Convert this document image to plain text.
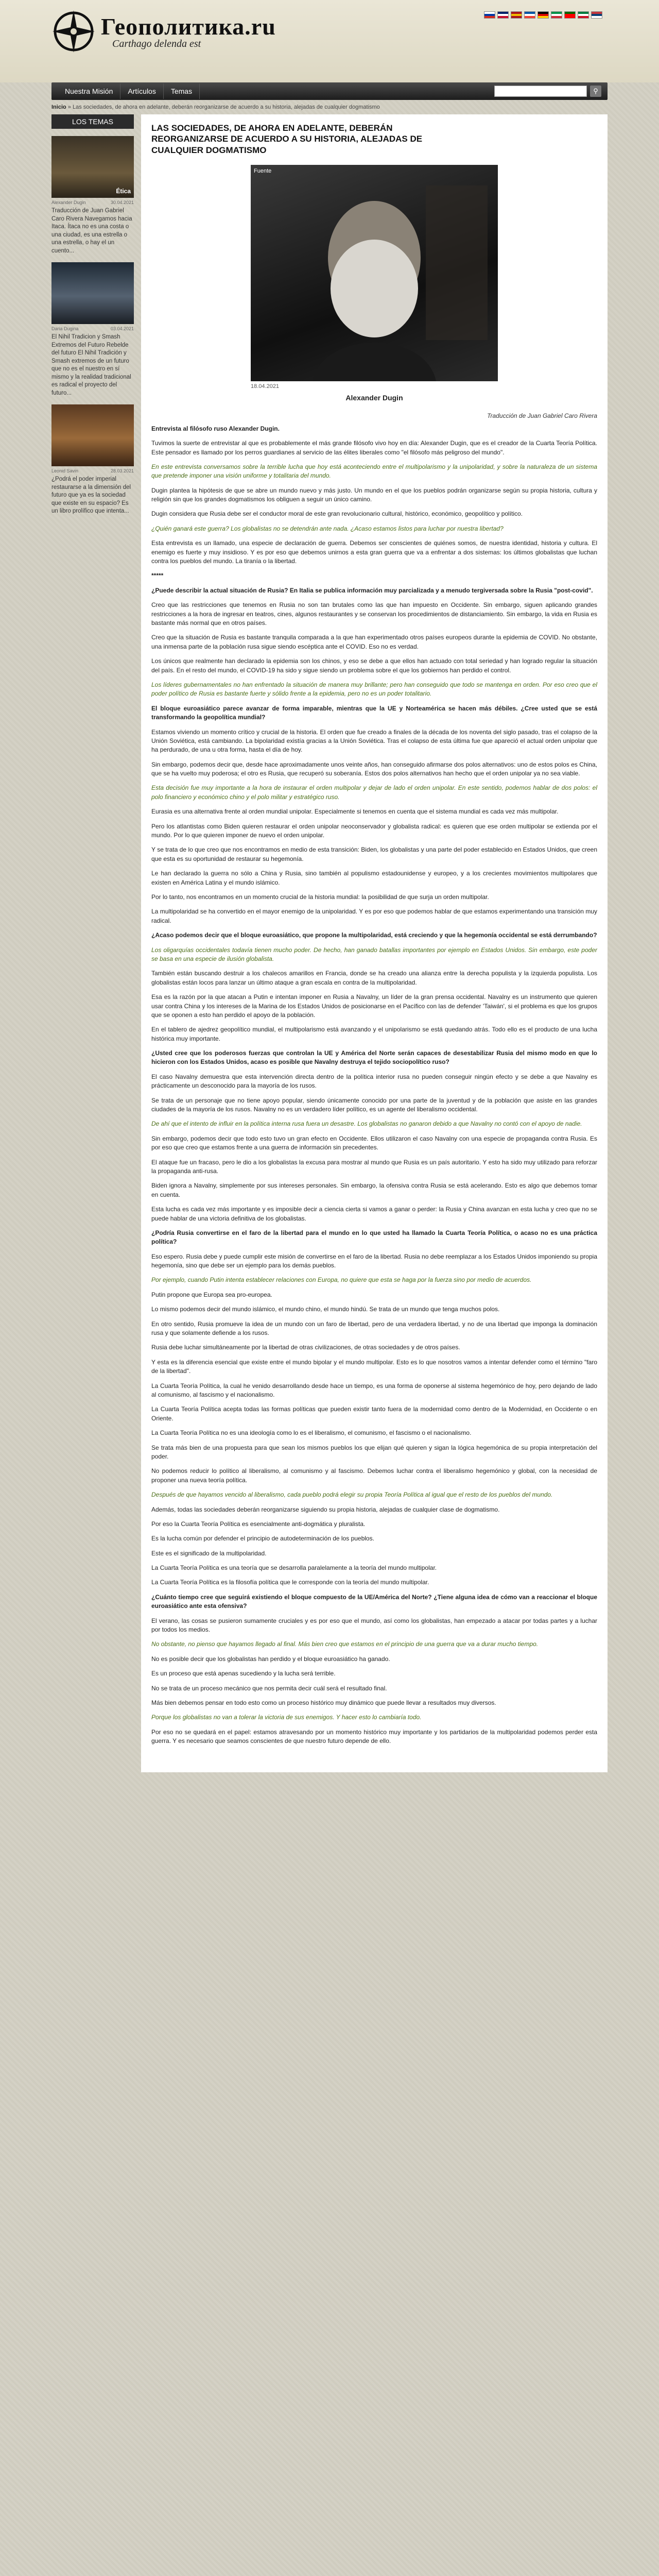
Геополитика.ru
Carthago delenda est
Nuestra Misión	Artículos	Temas	⚲
Inicio » Las sociedades, de ahora en adelante, deberán reorganizarse de acuerdo a su historia, alejadas de cualquier dogmatismo
LOS TEMAS
Ética
Alexander Dugin	30.04.2021

Traducción de Juan Gabriel Caro Rivera Navegamos hacia Itaca. Ítaca no es una costa o una ciudad, es una estrella o una estrella, o hay el un cuento...

Daria Dugina	03.04.2021

El Nihil Tradicion y Smash Extremos del Futuro Rebelde del futuro El Nihil Tradición y Smash extremos de un futuro que no es el nuestro en sí mismo y la realidad tradicional es radical el proyecto del futuro...

Leonid Savin	28.03.2021

¿Podrá el poder imperial restaurarse a la dimensión del futuro que ya es la sociedad que existe en su espacio? Es un libro prolífico que intenta...

LAS SOCIEDADES, DE AHORA EN ADELANTE, DEBERÁN REORGANIZARSE DE ACUERDO A SU HISTORIA, ALEJADAS DE CUALQUIER DOGMATISMO
Fuente
18.04.2021
Alexander Dugin
Traducción de Juan Gabriel Caro Rivera

Entrevista al filósofo ruso Alexander Dugin.

Tuvimos la suerte de entrevistar al que es probablemente el más grande filósofo vivo hoy en día: Alexander Dugin, que es el creador de la Cuarta Teoría Política. Este pensador es llamado por los perros guardianes al servicio de las élites liberales como "el filósofo más peligroso del mundo".

En este entrevista conversamos sobre la terrible lucha que hoy está aconteciendo entre el multipolarismo y la unipolaridad, y sobre la naturaleza de un sistema que pretende imponer una visión uniforme y totalitaria del mundo.

Dugin plantea la hipótesis de que se abre un mundo nuevo y más justo. Un mundo en el que los pueblos podrán organizarse según su propia historia, cultura y religión sin que los grandes dogmatismos los obliguen a seguir un único camino.

Dugin considera que Rusia debe ser el conductor moral de este gran revolucionario cultural, histórico, económico, geopolítico y político.

¿Quién ganará este guerra? Los globalistas no se detendrán ante nada. ¿Acaso estamos listos para luchar por nuestra libertad?

Esta entrevista es un llamado, una especie de declaración de guerra. Debemos ser conscientes de quiénes somos, de nuestra identidad, historia y cultura. El enemigo es fuerte y muy insidioso. Y es por eso que debemos unirnos a esta gran guerra que va a enfrentar a dos sistemas: los últimos globalistas que luchan contra los pueblos del mundo. La tiranía o la libertad.

*****

¿Puede describir la actual situación de Rusia? En Italia se publica información muy parcializada y a menudo tergiversada sobre la Rusia "post-covid".

Creo que las restricciones que tenemos en Rusia no son tan brutales como las que han impuesto en Occidente. Sin embargo, siguen aplicando grandes restricciones a la hora de ingresar en teatros, cines, algunos restaurantes y se conservan los procedimientos de distanciamiento. Sin embargo, la vida en Rusia es bastante más normal que en otros países.

Creo que la situación de Rusia es bastante tranquila comparada a la que han experimentado otros países europeos durante la epidemia de COVID. No obstante, una inmensa parte de la población rusa sigue siendo escéptica ante el COVID. Eso no es verdad.

Los únicos que realmente han declarado la epidemia son los chinos, y eso se debe a que ellos han actuado con total seriedad y han logrado regular la situación del país. En el resto del mundo, el COVID-19 ha sido y sigue siendo un problema sobre el que los gobiernos han perdido el control.

Los líderes gubernamentales no han enfrentado la situación de manera muy brillante; pero han conseguido que todo se mantenga en orden. Por eso creo que el poder político de Rusia es bastante fuerte y sólido frente a la epidemia, pero no es un poder totalitario.

El bloque euroasiático parece avanzar de forma imparable, mientras que la UE y Norteamérica se hacen más débiles. ¿Cree usted que se está transformando la geopolítica mundial?

Estamos viviendo un momento crítico y crucial de la historia. El orden que fue creado a finales de la década de los noventa del siglo pasado, tras el colapso de la Unión Soviética, está cambiando. La bipolaridad existía gracias a la Unión Soviética. Tras el colapso de esta última fue que apareció el actual orden unipolar que ha perdurado, de una u otra forma, hasta el día de hoy.

Sin embargo, podemos decir que, desde hace aproximadamente unos veinte años, han conseguido afirmarse dos polos alternativos: uno de estos polos es China, que se ha vuelto muy poderosa; el otro es Rusia, que recuperó su soberanía. Estos dos polos alternativos han hecho que el orden unipolar ya no sea viable.

Esta decisión fue muy importante a la hora de instaurar el orden multipolar y dejar de lado el orden unipolar. En este sentido, podemos hablar de dos polos: el polo financiero y económico chino y el polo militar y estratégico ruso.

Eurasia es una alternativa frente al orden mundial unipolar. Especialmente si tenemos en cuenta que el sistema mundial es cada vez más multipolar.

Pero los atlantistas como Biden quieren restaurar el orden unipolar neoconservador y globalista radical: es quieren que ese orden multipolar se extienda por el mundo. Por lo que quieren imponer de nuevo el orden unipolar.

Y se trata de lo que creo que nos encontramos en medio de esta transición: Biden, los globalistas y una parte del poder establecido en Estados Unidos, que creen que esta es su oportunidad de restaurar su hegemonía.

Le han declarado la guerra no sólo a China y Rusia, sino también al populismo estadounidense y europeo, y a los crecientes movimientos multipolares que existen en América Latina y el mundo islámico.

Por lo tanto, nos encontramos en un momento crucial de la historia mundial: la posibilidad de que surja un orden multipolar.

La multipolaridad se ha convertido en el mayor enemigo de la unipolaridad. Y es por eso que podemos hablar de que estamos experimentando una transición muy radical.

¿Acaso podemos decir que el bloque euroasiático, que propone la multipolaridad, está creciendo y que la hegemonía occidental se está derrumbando?

Los oligarquías occidentales todavía tienen mucho poder. De hecho, han ganado batallas importantes por ejemplo en Estados Unidos. Sin embargo, este poder se basa en una especie de ilusión globalista.

También están buscando destruir a los chalecos amarillos en Francia, donde se ha creado una alianza entre la derecha populista y la izquierda populista. Los globalistas están locos para lanzar un último ataque a gran escala en contra de la multipolaridad.

Esa es la razón por la que atacan a Putin e intentan imponer en Rusia a Navalny, un líder de la gran prensa occidental. Navalny es un instrumento que quieren usar contra China y los intereses de la Marina de los Estados Unidos de posicionarse en el Pacífico con las de defender 'Taiwán', si el problema es que los grupos que se oponen a esto han perdido el apoyo de la población.

En el tablero de ajedrez geopolítico mundial, el multipolarismo está avanzando y el unipolarismo se está quedando atrás. Todo ello es el producto de una lucha histórica muy importante.

¿Usted cree que los poderosos fuerzas que controlan la UE y América del Norte serán capaces de desestabilizar Rusia del mismo modo en que lo hicieron con los Estados Unidos, acaso es posible que Navalny destruya el tejido sociopolítico ruso?

El caso Navalny demuestra que esta intervención directa dentro de la política interior rusa no pueden conseguir ningún efecto y se debe a que Navalny es prácticamente un desconocido para la mayoría de los rusos.

Se trata de un personaje que no tiene apoyo popular, siendo únicamente conocido por una parte de la juventud y de la población que asiste en las grandes ciudades de la mayoría de los rusos. Navalny no es un verdadero líder político, es un agente del liberalismo occidental.

De ahí que el intento de influir en la política interna rusa fuera un desastre. Los globalistas no ganaron debido a que Navalny no contó con el apoyo de nadie.

Sin embargo, podemos decir que todo esto tuvo un gran efecto en Occidente. Ellos utilizaron el caso Navalny con una especie de propaganda contra Rusia. Es por eso que creo que estamos frente a una guerra de información sin precedentes.

El ataque fue un fracaso, pero le dio a los globalistas la excusa para mostrar al mundo que Rusia es un país autoritario. Y esto ha sido muy utilizado para reforzar la propaganda anti-rusa.

Biden ignora a Navalny, simplemente por sus intereses personales. Sin embargo, la ofensiva contra Rusia se está acelerando. Esto es algo que debemos tomar en cuenta.

Esta lucha es cada vez más importante y es imposible decir a ciencia cierta si vamos a ganar o perder: la Rusia y China avanzan en esta lucha y creo que no se puede hablar de una victoria definitiva de los globalistas.

¿Podría Rusia convertirse en el faro de la libertad para el mundo en lo que usted ha llamado la Cuarta Teoría Política, o acaso no es una práctica política?

Eso espero. Rusia debe y puede cumplir este misión de convertirse en el faro de la libertad. Rusia no debe reemplazar a los Estados Unidos imponiendo su propia hegemonía, sino que debe ser un ejemplo para los demás pueblos.

Por ejemplo, cuando Putin intenta establecer relaciones con Europa, no quiere que esta se haga por la fuerza sino por medio de acuerdos.

Putin propone que Europa sea pro-europea.

Lo mismo podemos decir del mundo islámico, el mundo chino, el mundo hindú. Se trata de un mundo que tenga muchos polos.

En otro sentido, Rusia promueve la idea de un mundo con un faro de libertad, pero de una verdadera libertad, y no de una libertad que imponga la dominación rusa y que solamente defiende a los rusos.

Rusia debe luchar simultáneamente por la libertad de otras civilizaciones, de otras sociedades y de otros países.

Y esta es la diferencia esencial que existe entre el mundo bipolar y el mundo multipolar. Esto es lo que nosotros vamos a intentar defender como el término "faro de la libertad".

La Cuarta Teoría Política, la cual he venido desarrollando desde hace un tiempo, es una forma de oponerse al sistema hegemónico de hoy, pero dejando de lado al comunismo, al fascismo y el nacionalismo.

La Cuarta Teoría Política acepta todas las formas políticas que pueden existir tanto fuera de la modernidad como dentro de la Modernidad, en Occidente o en Oriente.

La Cuarta Teoría Política no es una ideología como lo es el liberalismo, el comunismo, el fascismo o el nacionalismo.

Se trata más bien de una propuesta para que sean los mismos pueblos los que elijan qué quieren y sigan la lógica hegemónica de su propia interpretación del poder.

No podemos reducir lo político al liberalismo, al comunismo y al fascismo. Debemos luchar contra el liberalismo hegemónico y global, con la necesidad de proponer una nueva teoría política.

Después de que hayamos vencido al liberalismo, cada pueblo podrá elegir su propia Teoría Política al igual que el resto de los pueblos del mundo.

Además, todas las sociedades deberán reorganizarse siguiendo su propia historia, alejadas de cualquier clase de dogmatismo.

Por eso la Cuarta Teoría Política es esencialmente anti-dogmática y pluralista.

Es la lucha común por defender el principio de autodeterminación de los pueblos.

Este es el significado de la multipolaridad.

La Cuarta Teoría Política es una teoría que se desarrolla paralelamente a la teoría del mundo multipolar.

La Cuarta Teoría Política es la filosofía política que le corresponde con la teoría del mundo multipolar.

¿Cuánto tiempo cree que seguirá existiendo el bloque compuesto de la UE/América del Norte? ¿Tiene alguna idea de cómo van a reaccionar el bloque euroasiático ante esta ofensiva?

El verano, las cosas se pusieron sumamente cruciales y es por eso que el mundo, así como los globalistas, han empezado a atacar por todas partes y a luchar por todos los medios.

No obstante, no pienso que hayamos llegado al final. Más bien creo que estamos en el principio de una guerra que va a durar mucho tiempo.

No es posible decir que los globalistas han perdido y el bloque euroasiático ha ganado.

Es un proceso que está apenas sucediendo y la lucha será terrible.

No se trata de un proceso mecánico que nos permita decir cuál será el resultado final.

Más bien debemos pensar en todo esto como un proceso histórico muy dinámico que puede llevar a resultados muy diversos.

Porque los globalistas no van a tolerar la victoria de sus enemigos. Y hacer esto lo cambiaría todo.

Por eso no se quedará en el papel: estamos atravesando por un momento histórico muy importante y los partidarios de la multipolaridad podemos perder esta guerra. Y es necesario que seamos conscientes de que nuestro futuro depende de ello.
